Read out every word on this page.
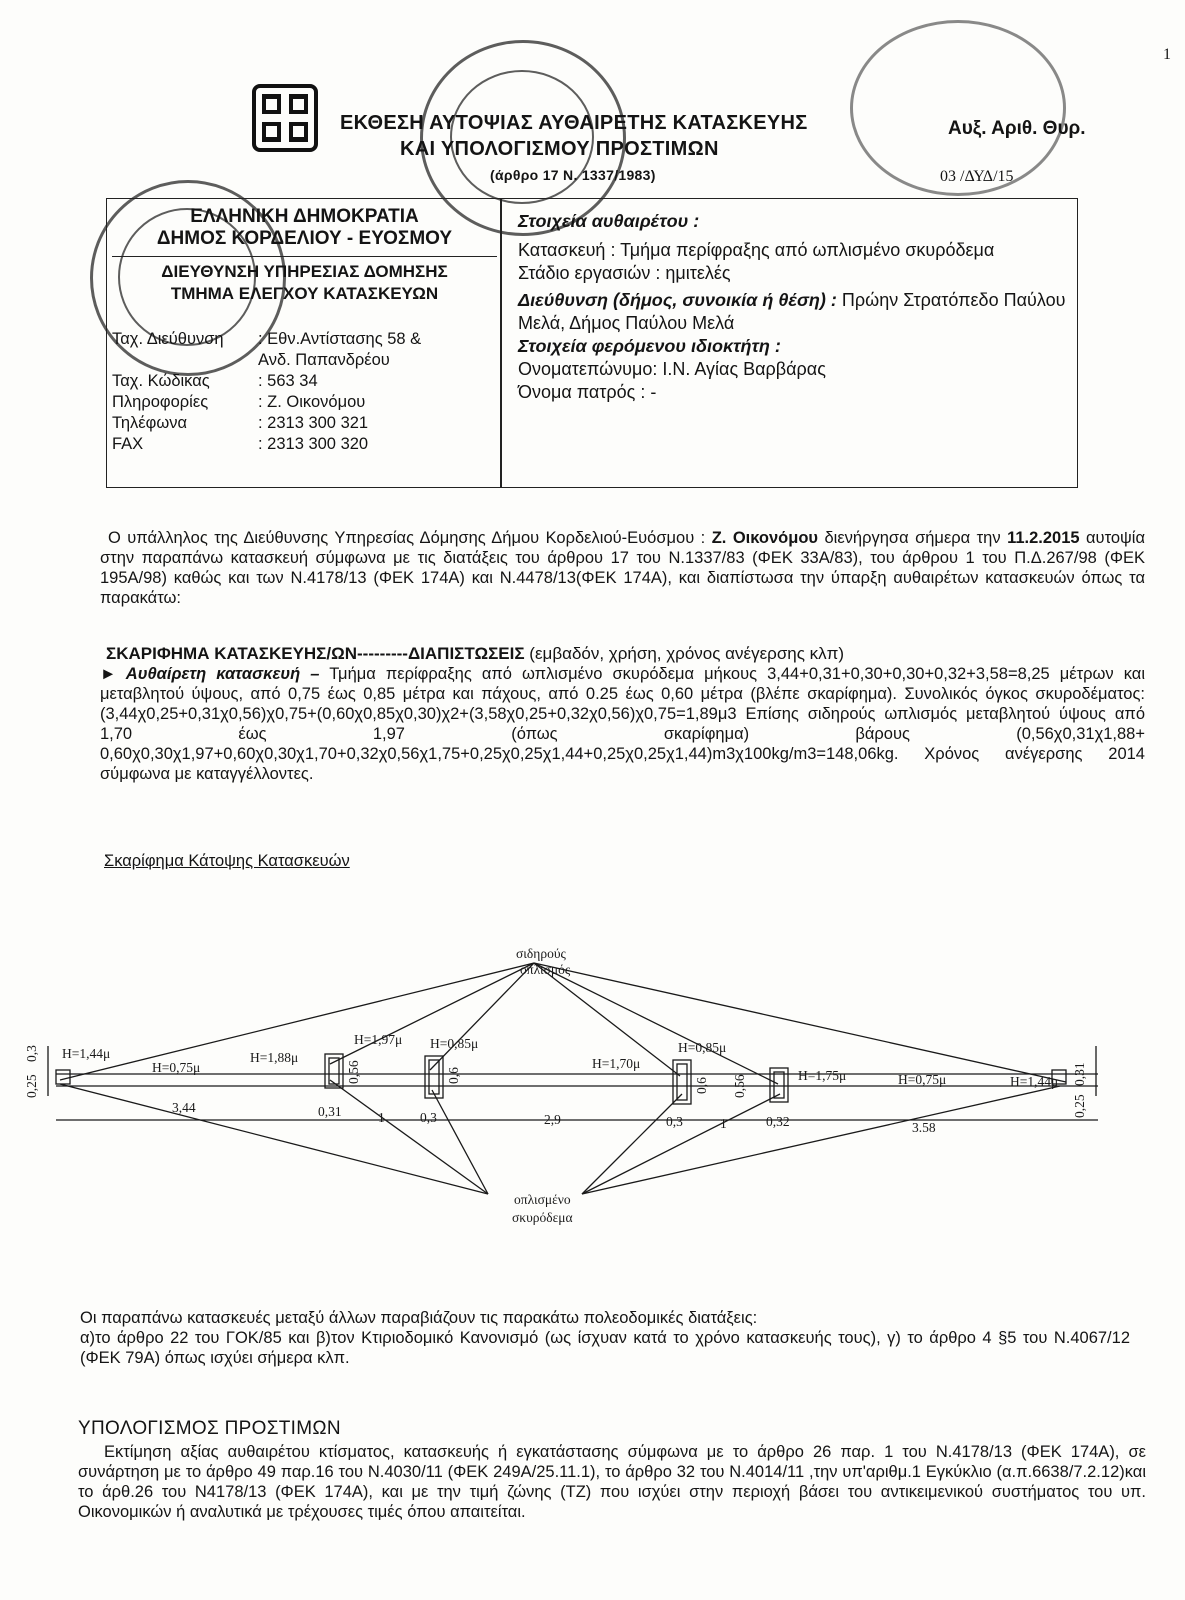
1
ΕΚΘΕΣΗ ΑΥΤΟΨΙΑΣ ΑΥΘΑΙΡΕΤΗΣ ΚΑΤΑΣΚΕΥΗΣ
ΚΑΙ ΥΠΟΛΟΓΙΣΜΟΥ ΠΡΟΣΤΙΜΩΝ
(άρθρο 17 Ν. 1337/1983)
Αυξ. Αριθ. Θυρ.
03 /ΔΥΔ/15
ΕΛΛΗΝΙΚΗ ΔΗΜΟΚΡΑΤΙΑ
ΔΗΜΟΣ ΚΟΡΔΕΛΙΟΥ - ΕΥΟΣΜΟΥ
ΔΙΕΥΘΥΝΣΗ ΥΠΗΡΕΣΙΑΣ ΔΟΜΗΣΗΣ
ΤΜΗΜΑ ΕΛΕΓΧΟΥ ΚΑΤΑΣΚΕΥΩΝ
Ταχ. Διεύθυνση	: Εθν.Αντίστασης 58 &
Ανδ. Παπανδρέου
Ταχ. Κώδικας	: 563 34
Πληροφορίες	: Ζ. Οικονόμου
Τηλέφωνα	: 2313 300 321
FAX	: 2313 300 320
Στοιχεία αυθαιρέτου :
Κατασκευή : Τμήμα περίφραξης από ωπλισμένο σκυρόδεμα
Στάδιο εργασιών : ημιτελές
Διεύθυνση (δήμος, συνοικία ή θέση) : Πρώην Στρατόπεδο Παύλου Μελά, Δήμος Παύλου Μελά
Στοιχεία φερόμενου ιδιοκτήτη :
Ονοματεπώνυμο: Ι.Ν. Αγίας Βαρβάρας
Όνομα πατρός : -
Ο υπάλληλος της Διεύθυνσης Υπηρεσίας Δόμησης Δήμου Κορδελιού-Ευόσμου : Ζ. Οικονόμου διενήργησα σήμερα την 11.2.2015 αυτοψία στην παραπάνω κατασκευή σύμφωνα με τις διατάξεις του άρθρου 17 του Ν.1337/83 (ΦΕΚ 33Α/83), του άρθρου 1 του Π.Δ.267/98 (ΦΕΚ 195Α/98) καθώς και των Ν.4178/13 (ΦΕΚ 174Α) και Ν.4478/13(ΦΕΚ 174Α), και διαπίστωσα την ύπαρξη αυθαιρέτων κατασκευών όπως τα παρακάτω:
ΣΚΑΡΙΦΗΜΑ ΚΑΤΑΣΚΕΥΗΣ/ΩΝ---------ΔΙΑΠΙΣΤΩΣΕΙΣ (εμβαδόν, χρήση, χρόνος ανέγερσης κλπ)
► Αυθαίρετη κατασκευή – Τμήμα περίφραξης από ωπλισμένο σκυρόδεμα μήκους 3,44+0,31+0,30+0,30+0,32+3,58=8,25 μέτρων και μεταβλητού ύψους, από 0,75 έως 0,85 μέτρα και πάχους, από 0.25 έως 0,60 μέτρα (βλέπε σκαρίφημα). Συνολικός όγκος σκυροδέματος: (3,44χ0,25+0,31χ0,56)χ0,75+(0,60χ0,85χ0,30)χ2+(3,58χ0,25+0,32χ0,56)χ0,75=1,89μ3 Επίσης σιδηρούς ωπλισμός μεταβλητού ύψους από 1,70 έως 1,97 (όπως σκαρίφημα) βάρους (0,56χ0,31χ1,88+ 0,60χ0,30χ1,97+0,60χ0,30χ1,70+0,32χ0,56χ1,75+0,25χ0,25χ1,44+0,25χ0,25χ1,44)m3χ100kg/m3=148,06kg. Χρόνος ανέγερσης 2014 σύμφωνα με καταγγέλλοντες.
Σκαρίφημα Κάτοψης Κατασκευών
σιδηρούς
οπλισμός
οπλισμένο
σκυρόδεμα
H=1,44μ
H=0,75μ
H=1,88μ
H=1,97μ H=0,85μ
H=1,70μ
H=0,85μ
H=1,75μ	H=0,75μ	H=1,44μ
3,44	0,31	1	0,3	2,9	0,3	1	0,32	3.58
0,25
0,3
0,56	0,6
0,6 0,56
0,25
0,31
Οι παραπάνω κατασκευές μεταξύ άλλων παραβιάζουν τις παρακάτω πολεοδομικές διατάξεις:
α)το άρθρο 22 του ΓΟΚ/85 και β)τον Κτιριοδομικό Κανονισμό (ως ίσχυαν κατά το χρόνο κατασκευής τους), γ) το άρθρο 4 §5 του Ν.4067/12 (ΦΕΚ 79Α) όπως ισχύει σήμερα κλπ.
ΥΠΟΛΟΓΙΣΜΟΣ ΠΡΟΣΤΙΜΩΝ
Εκτίμηση αξίας αυθαιρέτου κτίσματος, κατασκευής ή εγκατάστασης σύμφωνα με το άρθρο 26 παρ. 1 του Ν.4178/13 (ΦΕΚ 174Α), σε συνάρτηση με το άρθρο 49 παρ.16 του Ν.4030/11 (ΦΕΚ 249Α/25.11.1), το άρθρο 32 του Ν.4014/11 ,την υπ'αριθμ.1 Εγκύκλιο (α.π.6638/7.2.12)και το άρθ.26 του Ν4178/13 (ΦΕΚ 174Α), και με την τιμή ζώνης (ΤΖ) που ισχύει στην περιοχή βάσει του αντικειμενικού συστήματος του υπ. Οικονομικών ή αναλυτικά με τρέχουσες τιμές όπου απαιτείται.
